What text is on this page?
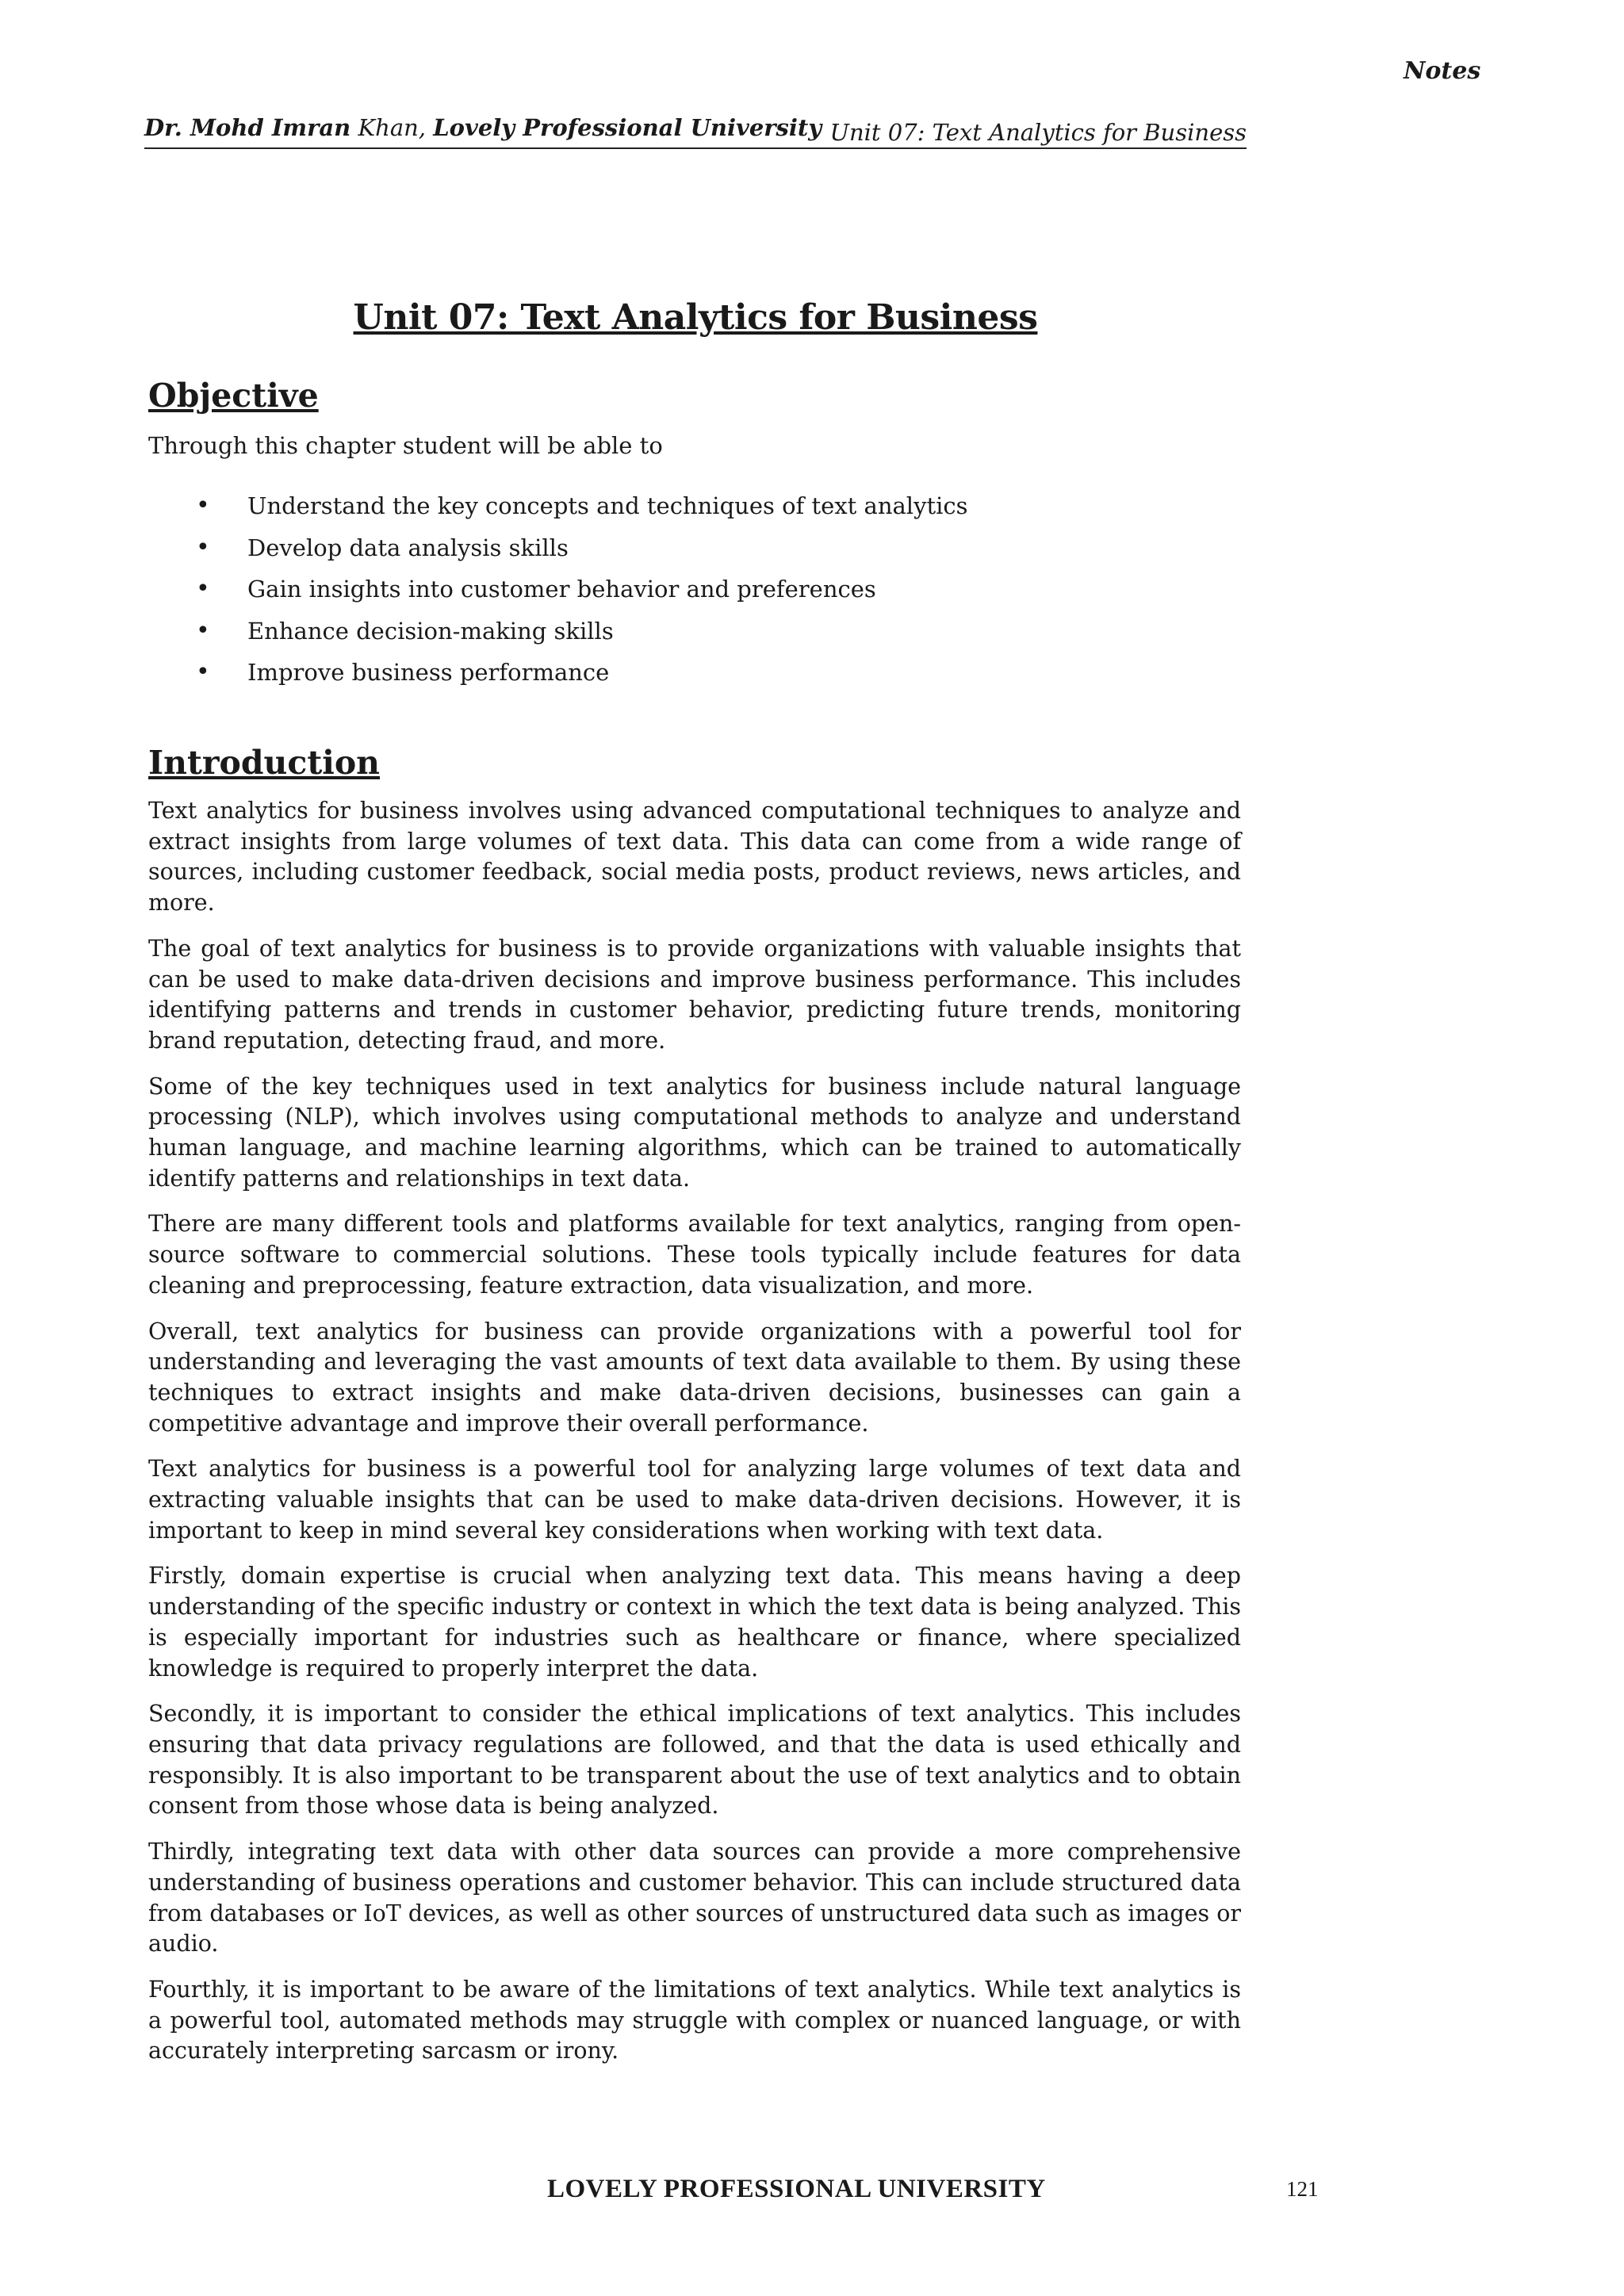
Notes
Dr. Mohd Imran Khan, Lovely Professional University Unit 07: Text Analytics for Business
Unit 07: Text Analytics for Business
Objective
Through this chapter student will be able to
• Understand the key concepts and techniques of text analytics
• Develop data analysis skills
• Gain insights into customer behavior and preferences
• Enhance decision-making skills
• Improve business performance
Introduction

Text analytics for business involves using advanced computational techniques to analyze and extract insights from large volumes of text data. This data can come from a wide range of sources, including customer feedback, social media posts, product reviews, news articles, and more.

The goal of text analytics for business is to provide organizations with valuable insights that can be used to make data-driven decisions and improve business performance. This includes identifying patterns and trends in customer behavior, predicting future trends, monitoring brand reputation, detecting fraud, and more.

Some of the key techniques used in text analytics for business include natural language processing (NLP), which involves using computational methods to analyze and understand human language, and machine learning algorithms, which can be trained to automatically identify patterns and relationships in text data.

There are many different tools and platforms available for text analytics, ranging from open-source software to commercial solutions. These tools typically include features for data cleaning and preprocessing, feature extraction, data visualization, and more.

Overall, text analytics for business can provide organizations with a powerful tool for understanding and leveraging the vast amounts of text data available to them. By using these techniques to extract insights and make data-driven decisions, businesses can gain a competitive advantage and improve their overall performance.

Text analytics for business is a powerful tool for analyzing large volumes of text data and extracting valuable insights that can be used to make data-driven decisions. However, it is important to keep in mind several key considerations when working with text data.

Firstly, domain expertise is crucial when analyzing text data. This means having a deep understanding of the specific industry or context in which the text data is being analyzed. This is especially important for industries such as healthcare or finance, where specialized knowledge is required to properly interpret the data.

Secondly, it is important to consider the ethical implications of text analytics. This includes ensuring that data privacy regulations are followed, and that the data is used ethically and responsibly. It is also important to be transparent about the use of text analytics and to obtain consent from those whose data is being analyzed.

Thirdly, integrating text data with other data sources can provide a more comprehensive understanding of business operations and customer behavior. This can include structured data from databases or IoT devices, as well as other sources of unstructured data such as images or audio.

Fourthly, it is important to be aware of the limitations of text analytics. While text analytics is a powerful tool, automated methods may struggle with complex or nuanced language, or with accurately interpreting sarcasm or irony.

LOVELY PROFESSIONAL UNIVERSITY	121
